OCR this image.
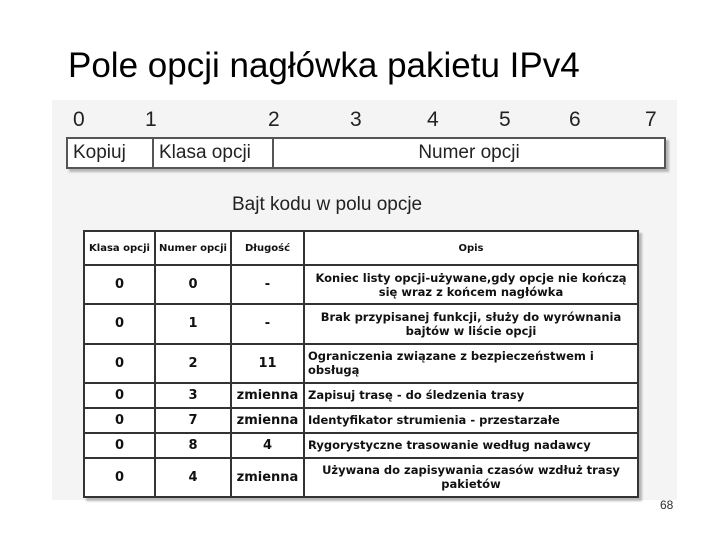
Pole opcji nagłówka pakietu IPv4
0	1	2	3	4	5	6	7
Kopiuj	Klasa opcji	Numer opcji
Bajt kodu w polu opcje
Klasa opcji	Numer opcji	Długość	Opis
0	0	-	Koniec listy opcji-używane,gdy opcje nie kończą się wraz z końcem nagłówka
0	1	-	Brak przypisanej funkcji, służy do wyrównania bajtów w liście opcji
0	2	11	Ograniczenia związane z bezpieczeństwem i obsługą
0	3	zmienna	Zapisuj trasę - do śledzenia trasy
0	7	zmienna	Identyfikator strumienia - przestarzałe
0	8	4	Rygorystyczne trasowanie według nadawcy
0	4	zmienna	Używana do zapisywania czasów wzdłuż trasy pakietów
68
